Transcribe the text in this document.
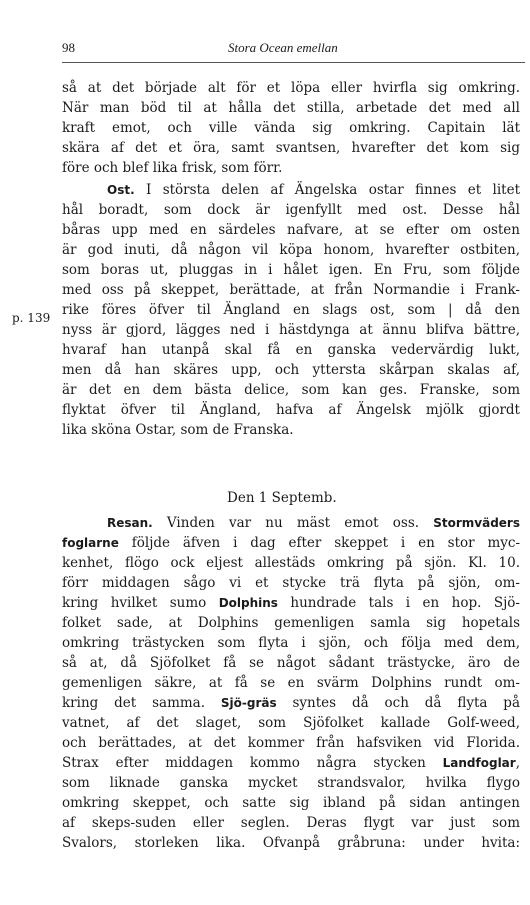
98	Stora Ocean emellan
så at det började alt för et löpa eller hvirfla sig omkring.
När man böd til at hålla det stilla, arbetade det med all
kraft emot, och ville vända sig omkring. Capitain lät
skära af det et öra, samt svantsen, hvarefter det kom sig
före och blef lika frisk, som förr.
Ost. I största delen af Ängelska ostar finnes et litet
hål boradt, som dock är igenfyllt med ost. Desse hål
båras upp med en särdeles nafvare, at se efter om osten
är god inuti, då någon vil köpa honom, hvarefter ostbiten,
som boras ut, pluggas in i hålet igen. En Fru, som följde
med oss på skeppet, berättade, at från Normandie i Frank-
rike föres öfver til Ängland en slags ost, som | då den
nyss är gjord, lägges ned i hästdynga at ännu blifva bättre,
hvaraf han utanpå skal få en ganska vedervärdig lukt,
men då han skäres upp, och yttersta skårpan skalas af,
är det en dem bästa delice, som kan ges. Franske, som
flyktat öfver til Ängland, hafva af Ängelsk mjölk gjordt
lika sköna Ostar, som de Franska.
p. 139
Den 1 Septemb.
Resan. Vinden var nu mäst emot oss. Stormväders
foglarne följde äfven i dag efter skeppet i en stor myc-
kenhet, flögo ock eljest allestäds omkring på sjön. Kl. 10.
förr middagen sågo vi et stycke trä flyta på sjön, om-
kring hvilket sumo Dolphins hundrade tals i en hop. Sjö-
folket sade, at Dolphins gemenligen samla sig hopetals
omkring trästycken som flyta i sjön, och följa med dem,
så at, då Sjöfolket få se något sådant trästycke, äro de
gemenligen säkre, at få se en svärm Dolphins rundt om-
kring det samma. Sjö-gräs syntes då och då flyta på
vatnet, af det slaget, som Sjöfolket kallade Golf-weed,
och berättades, at det kommer från hafsviken vid Florida.
Strax efter middagen kommo några stycken Landfoglar,
som liknade ganska mycket strandsvalor, hvilka flygo
omkring skeppet, och satte sig ibland på sidan antingen
af skeps-suden eller seglen. Deras flygt var just som
Svalors, storleken lika. Ofvanpå gråbruna: under hvita:
